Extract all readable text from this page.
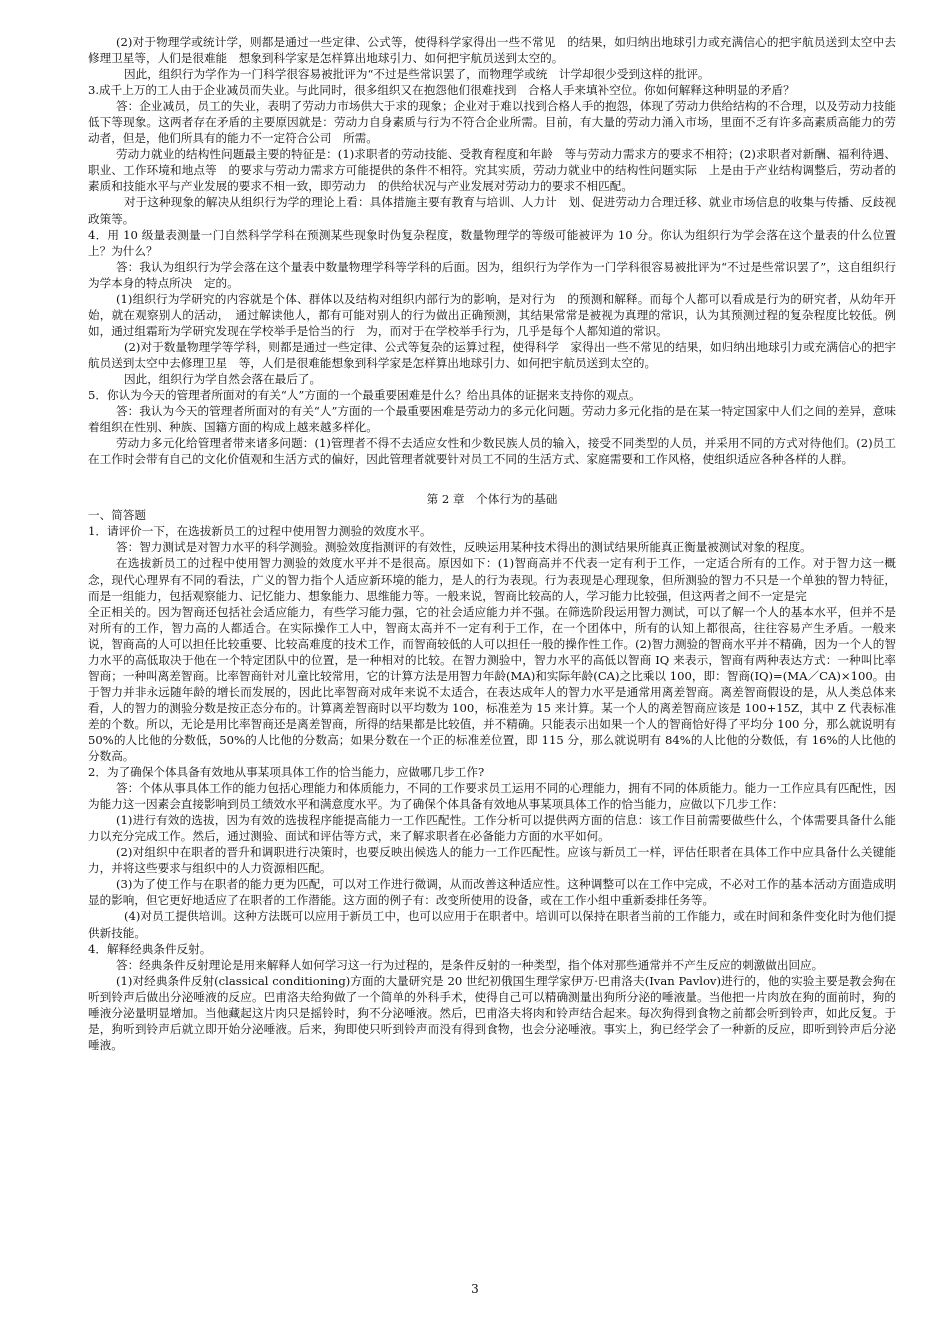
(2)对于物理学或统计学，则都是通过一些定律、公式等，使得科学家得出一些不常见　的结果，如归纳出地球引力或充满信心的把宇航员送到太空中去修理卫星等，人们是很难能　想象到科学家是怎样算出地球引力、如何把宇航员送到太空的。

因此，组织行为学作为一门科学很容易被批评为“不过是些常识罢了，而物理学或统　计学却很少受到这样的批评。

3.成千上万的工人由于企业减员而失业。与此同时，很多组织又在抱怨他们很难找到　合格人手来填补空位。你如何解释这种明显的矛盾？

答：企业减员，员工的失业，表明了劳动力市场供大于求的现象；企业对于难以找到合格人手的抱怨，体现了劳动力供给结构的不合理，以及劳动力技能低下等现象。这两者存在矛盾的主要原因就是：劳动力自身素质与行为不符合企业所需。目前，有大量的劳动力涌入市场，里面不乏有许多高素质高能力的劳动者，但是，他们所具有的能力不一定符合公司　所需。

劳动力就业的结构性问题最主要的特征是：(1)求职者的劳动技能、受教育程度和年龄　等与劳动力需求方的要求不相符；(2)求职者对新酬、福利待遇、职业、工作环境和地点等　的要求与劳动力需求方可能提供的条件不相符。究其实质，劳动力就业中的结构性问题实际　上是由于产业结构调整后，劳动者的素质和技能水平与产业发展的要求不相一致，即劳动力　的供给状况与产业发展对劳动力的要求不相匹配。

对于这种现象的解决从组织行为学的理论上看：具体措施主要有教育与培训、人力计　划、促进劳动力合理迁移、就业市场信息的收集与传播、反歧视政策等。

4．用 10 级量表测量一门自然科学学科在预测某些现象时伪复杂程度，数量物理学的等级可能被评为 10 分。你认为组织行为学会落在这个量表的什么位置上？为什么？

答：我认为组织行为学会落在这个量表中数量物理学科等学科的后面。因为，组织行为学作为一门学科很容易被批评为“不过是些常识罢了”，这自组织行为学本身的特点所决　定的。

(1)组织行为学研究的内容就是个体、群体以及结构对组织内部行为的影响，是对行为　的预测和解释。而每个人都可以看成是行为的研究者，从幼年开始，就在观察别人的活动，　通过解读他人，都有可能对别人的行为做出正确预测，其结果常常是被视为真理的常识，认为其预测过程的复杂程度比较低。例如，通过组霜珩为学研究发现在学校举手是恰当的行　为，而对于在学校举手行为，几乎是每个人都知道的常识。

(2)对于数量物理学等学科，则都是通过一些定律、公式等复杂的运算过程，使得科学　家得出一些不常见的结果，如归纳出地球引力或充满信心的把宇航员送到太空中去修理卫星　等，人们是很难能想象到科学家是怎样算出地球引力、如何把宇航员送到太空的。

因此，组织行为学自然会落在最后了。

5．你认为今天的管理者所面对的有关“人”方面的一个最重要困难是什么？给出具体的证据来支持你的观点。

答：我认为今天的管理者所面对的有关“人”方面的一个最重要困难是劳动力的多元化问题。劳动力多元化指的是在某一特定国家中人们之间的差异，意味着组织在性别、种族、国籍方面的构成上越来越多样化。

劳动力多元化给管理者带来诸多问题：(1)管理者不得不去适应女性和少数民族人员的输入，接受不同类型的人员，并采用不同的方式对待他们。(2)员工在工作时会带有自己的文化价值观和生活方式的偏好，因此管理者就要针对员工不同的生活方式、家庭需要和工作风格，使组织适应各种各样的人群。

第 2 章　个体行为的基础

一、简答题

1．请评价一下，在选拔新员工的过程中使用智力测验的效度水平。

答：智力测试是对智力水平的科学测验。测验效度指测评的有效性，反映运用某种技术得出的测试结果所能真正衡量被测试对象的程度。

在选拔新员工的过程中使用智力测验的效度水平并不是很高。原因如下：(1)智商高并不代表一定有利于工作，一定适合所有的工作。对于智力这一概念，现代心理界有不同的看法，广义的智力指个人适应新环境的能力，是人的行为表现。行为表现是心理现象，但所测验的智力不只是一个单独的智力特征，而是一组能力，包括观察能力、记忆能力、想象能力、思维能力等。一般来说，智商比较高的人，学习能力比较强，但这两者之间不一定是完

全正相关的。因为智商还包括社会适应能力，有些学习能力强，它的社会适应能力并不强。在筛选阶段运用智力测试，可以了解一个人的基本水平，但并不是对所有的工作，智力高的人都适合。在实际操作工人中，智商太高并不一定有利于工作，在一个团体中，所有的认知上都很高，往往容易产生矛盾。一般来说，智商高的人可以担任比较重要、比较高难度的技术工作，而智商较低的人可以担任一般的操作性工作。(2)智力测验的智商水平并不精确，因为一个人的智力水平的高低取决于他在一个特定团队中的位置，是一种相对的比较。在智力测验中，智力水平的高低以智商 IQ 来表示，智商有两种表达方式：一种叫比率智商；一种叫离差智商。比率智商针对儿童比较常用，它的计算方法是用智力年龄(MA)和实际年龄(CA)之比乘以 100，即：智商(IQ)=(MA／CA)×100。由于智力并非永远随年龄的增长而发展的，因此比率智商对成年来说不太适合，在表达成年人的智力水平是通常用离差智商。离差智商假设的是，从人类总体来看，人的智力的测验分数是按正态分布的。计算离差智商时以平均数为 100，标准差为 15 来计算。某一个人的离差智商应该是 100+15Z，其中 Z 代表标准差的个数。所以，无论是用比率智商还是离差智商，所得的结果都是比较值，并不精确。只能表示出如果一个人的智商恰好得了平均分 100 分，那么就说明有 50%的人比他的分数低，50%的人比他的分数高；如果分数在一个正的标准差位置，即 115 分，那么就说明有 84%的人比他的分数低，有 16%的人比他的分数高。

2．为了确保个体具备有效地从事某项具体工作的恰当能力，应做哪几步工作?

答：个体从事具体工作的能力包括心理能力和体质能力，不同的工作要求员工运用不同的心理能力，拥有不同的体质能力。能力一工作应具有匹配性，因为能力这一因素会直接影响到员工绩效水平和满意度水平。为了确保个体具备有效地从事某项具体工作的恰当能力，应做以下几步工作：

(1)进行有效的选拔，因为有效的选拔程序能提高能力一工作匹配性。工作分析可以提供两方面的信息：该工作目前需要做些什么，个体需要具备什么能力以充分完成工作。然后，通过测验、面试和评估等方式，来了解求职者在必备能力方面的水平如何。

(2)对组织中在职者的晋升和调职进行决策时，也要反映出候选人的能力一工作匹配性。应该与新员工一样，评估任职者在具体工作中应具备什么关键能力，并将这些要求与组织中的人力资源相匹配。

(3)为了使工作与在职者的能力更为匹配，可以对工作进行微调，从而改善这种适应性。这种调整可以在工作中完成，不必对工作的基本活动方面造成明显的影响，但它更好地适应了在职者的工作潜能。这方面的例子有：改变所使用的设备，或在工作小组中重新委排任务等。

(4)对员工提供培训。这种方法既可以应用于新员工中，也可以应用于在职者中。培训可以保持在职者当前的工作能力，或在时间和条件变化时为他们提供新技能。

4．解释经典条件反射。

答：经典条件反射理论是用来解释人如何学习这一行为过程的，是条件反射的一种类型，指个体对那些通常并不产生反应的刺激做出回应。

(1)对经典条件反射(classical conditioning)方面的大量研究是 20 世纪初俄国生理学家伊万·巴甫洛夫(Ivan Pavlov)进行的，他的实验主要是教会狗在听到铃声后做出分泌唾液的反应。巴甫洛夫给狗做了一个简单的外科手术，使得自己可以精确测量出狗所分泌的唾液量。当他把一片肉放在狗的面前时，狗的唾液分泌量明显增加。当他藏起这片肉只是摇铃时，狗不分泌唾液。然后，巴甫洛夫将肉和铃声结合起来。每次狗得到食物之前都会听到铃声，如此反复。于是，狗听到铃声后就立即开始分泌唾液。后来，狗即使只听到铃声而没有得到食物，也会分泌唾液。事实上，狗已经学会了一种新的反应，即听到铃声后分泌唾液。

3
